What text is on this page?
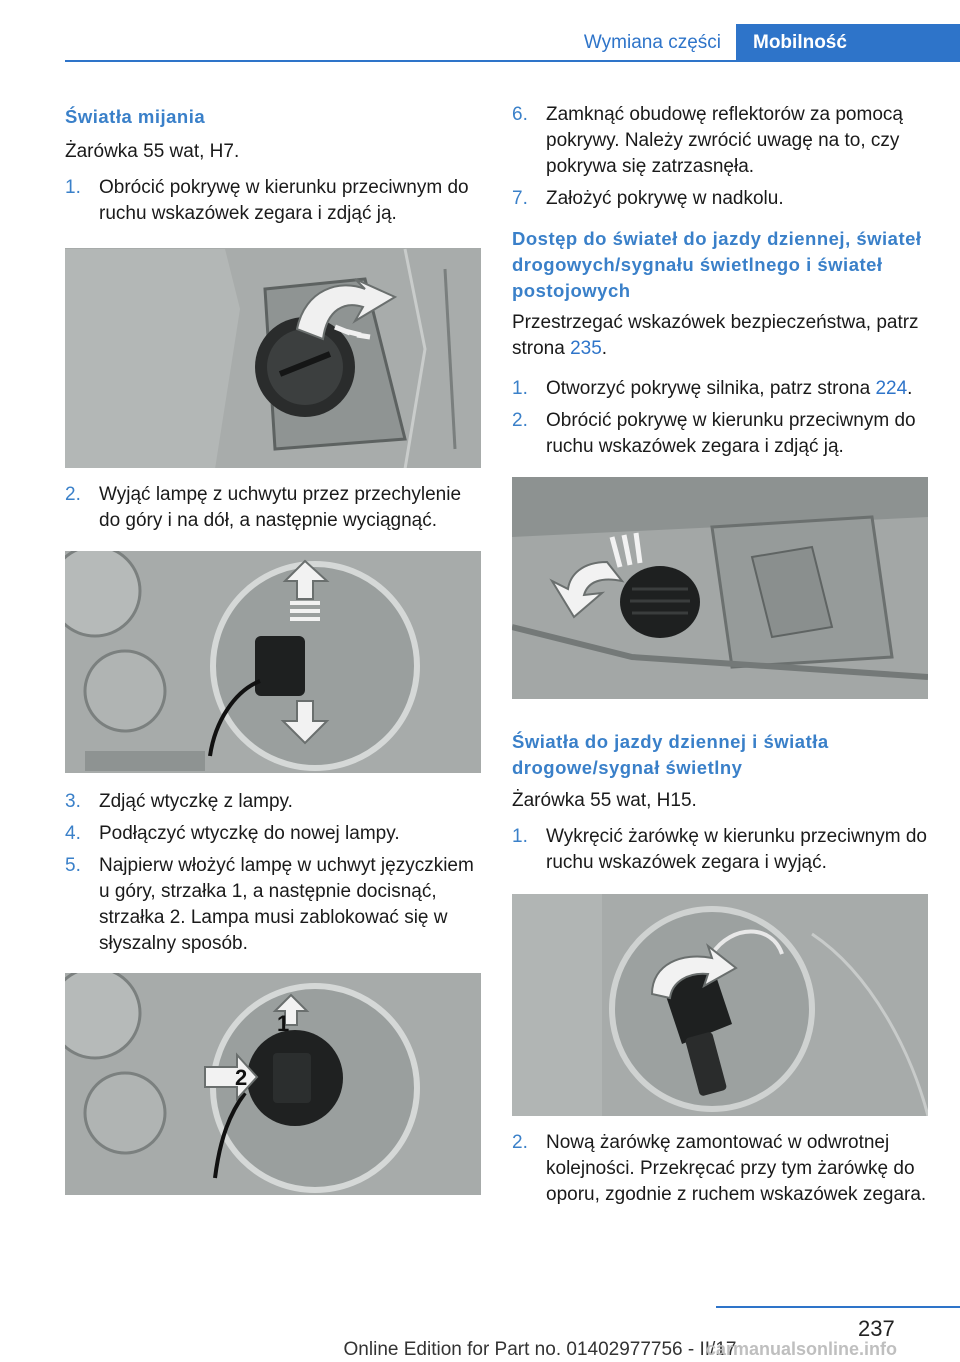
Wymiana części	Mobilność
Światła mijania
Żarówka 55 wat, H7.
1. Obrócić pokrywę w kierunku przeciwnym do ruchu wskazówek zegara i zdjąć ją.
2. Wyjąć lampę z uchwytu przez przechylenie do góry i na dół, a następnie wyciągnąć.
3. Zdjąć wtyczkę z lampy.
4. Podłączyć wtyczkę do nowej lampy.
5. Najpierw włożyć lampę w uchwyt języczkiem u góry, strzałka 1, a następnie docisnąć, strzałka 2. Lampa musi zablokować się w słyszalny sposób.
1
2
6. Zamknąć obudowę reflektorów za pomocą pokrywy. Należy zwrócić uwagę na to, czy pokrywa się zatrzasnęła.
7. Założyć pokrywę w nadkolu.
Dostęp do świateł do jazdy dziennej, świateł drogowych/sygnału świetlnego i świateł postojowych
Przestrzegać wskazówek bezpieczeństwa, patrz strona 235.
1. Otworzyć pokrywę silnika, patrz strona 224.
2. Obrócić pokrywę w kierunku przeciwnym do ruchu wskazówek zegara i zdjąć ją.
Światła do jazdy dziennej i światła drogowe/sygnał świetlny
Żarówka 55 wat, H15.
1. Wykręcić żarówkę w kierunku przeciwnym do ruchu wskazówek zegara i wyjąć.
2. Nową żarówkę zamontować w odwrotnej kolejności. Przekręcać przy tym żarówkę do oporu, zgodnie z ruchem wskazówek zegara.
237
Online Edition for Part no. 01402977756 - II/17
carmanualsonline.info
